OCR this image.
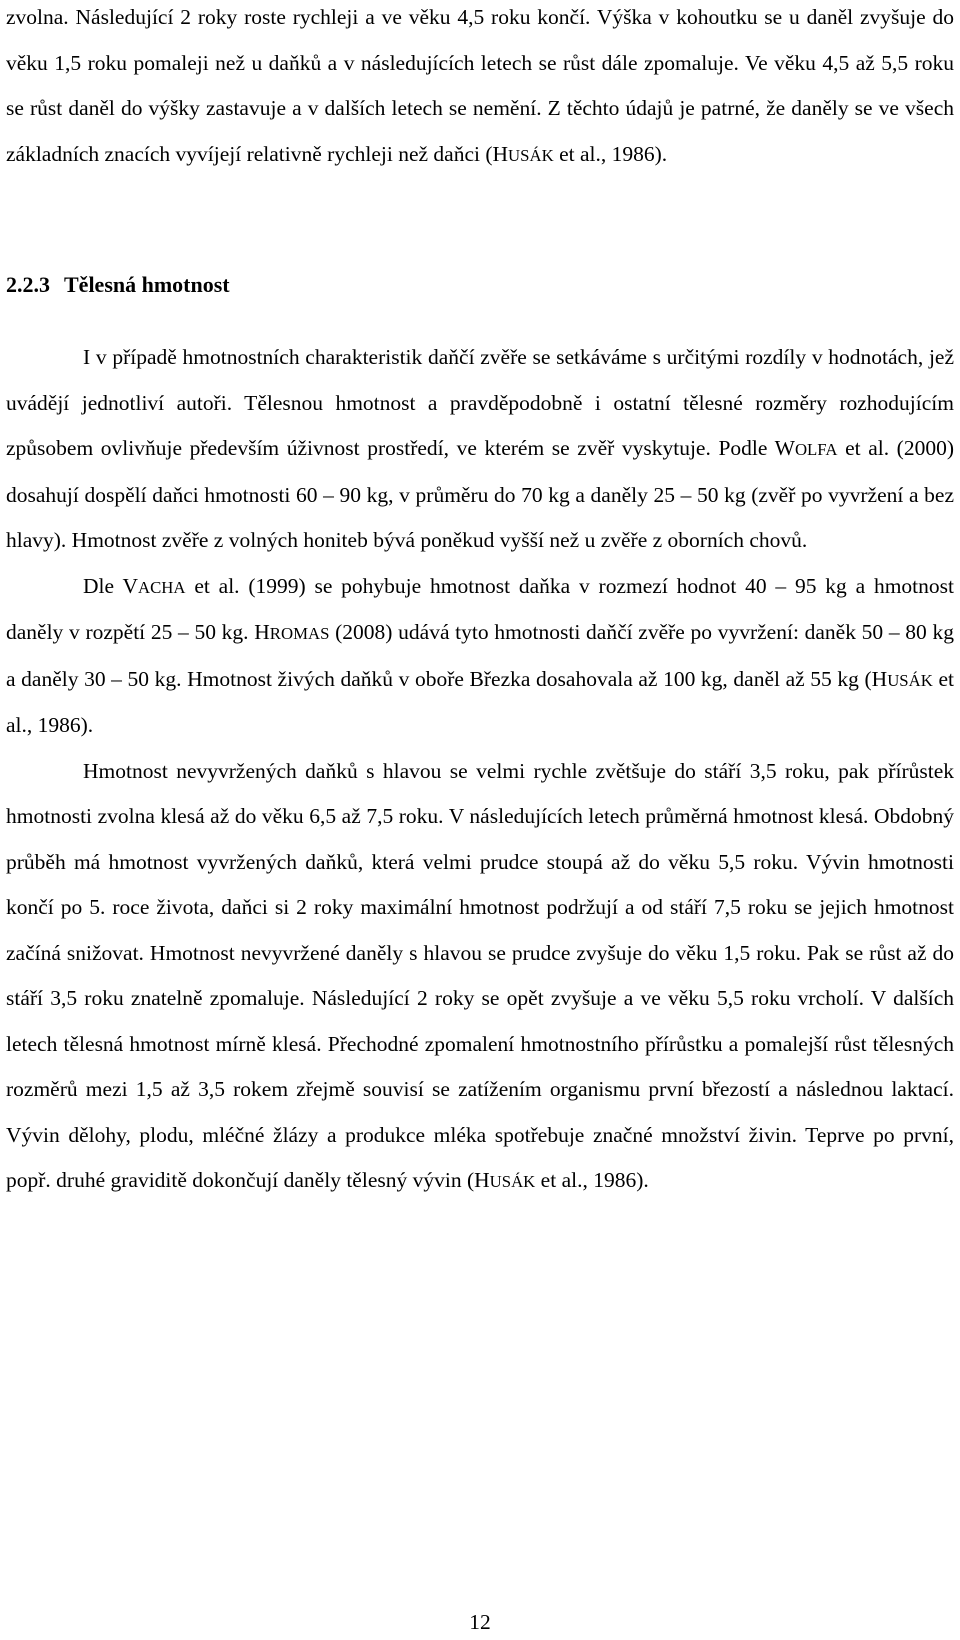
zvolna. Následující 2 roky roste rychleji a ve věku 4,5 roku končí. Výška v kohoutku se u daněl zvyšuje do věku 1,5 roku pomaleji než u daňků a v následujících letech se růst dále zpomaluje. Ve věku 4,5 až 5,5 roku se růst daněl do výšky zastavuje a v dalších letech se nemění. Z těchto údajů je patrné, že daněly se ve všech základních znacích vyvíjejí relativně rychleji než daňci (HUSÁK et al., 1986).

2.2.3 Tělesná hmotnost

I v případě hmotnostních charakteristik daňčí zvěře se setkáváme s určitými rozdíly v hodnotách, jež uvádějí jednotliví autoři. Tělesnou hmotnost a pravděpodobně i ostatní tělesné rozměry rozhodujícím způsobem ovlivňuje především úživnost prostředí, ve kterém se zvěř vyskytuje. Podle WOLFA et al. (2000) dosahují dospělí daňci hmotnosti 60 – 90 kg, v průměru do 70 kg a daněly 25 – 50 kg (zvěř po vyvržení a bez hlavy). Hmotnost zvěře z volných honiteb bývá poněkud vyšší než u zvěře z oborních chovů.

Dle VACHA et al. (1999) se pohybuje hmotnost daňka v rozmezí hodnot 40 – 95 kg a hmotnost daněly v rozpětí 25 – 50 kg. HROMAS (2008) udává tyto hmotnosti daňčí zvěře po vyvržení: daněk 50 – 80 kg a daněly 30 – 50 kg. Hmotnost živých daňků v oboře Březka dosahovala až 100 kg, daněl až 55 kg (HUSÁK et al., 1986).

Hmotnost nevyvržených daňků s hlavou se velmi rychle zvětšuje do stáří 3,5 roku, pak přírůstek hmotnosti zvolna klesá až do věku 6,5 až 7,5 roku. V následujících letech průměrná hmotnost klesá. Obdobný průběh má hmotnost vyvržených daňků, která velmi prudce stoupá až do věku 5,5 roku. Vývin hmotnosti končí po 5. roce života, daňci si 2 roky maximální hmotnost podržují a od stáří 7,5 roku se jejich hmotnost začíná snižovat. Hmotnost nevyvržené daněly s hlavou se prudce zvyšuje do věku 1,5 roku. Pak se růst až do stáří 3,5 roku znatelně zpomaluje. Následující 2 roky se opět zvyšuje a ve věku 5,5 roku vrcholí. V dalších letech tělesná hmotnost mírně klesá. Přechodné zpomalení hmotnostního přírůstku a pomalejší růst tělesných rozměrů mezi 1,5 až 3,5 rokem zřejmě souvisí se zatížením organismu první březostí a následnou laktací. Vývin dělohy, plodu, mléčné žlázy a produkce mléka spotřebuje značné množství živin. Teprve po první, popř. druhé graviditě dokončují daněly tělesný vývin (HUSÁK et al., 1986).

12
